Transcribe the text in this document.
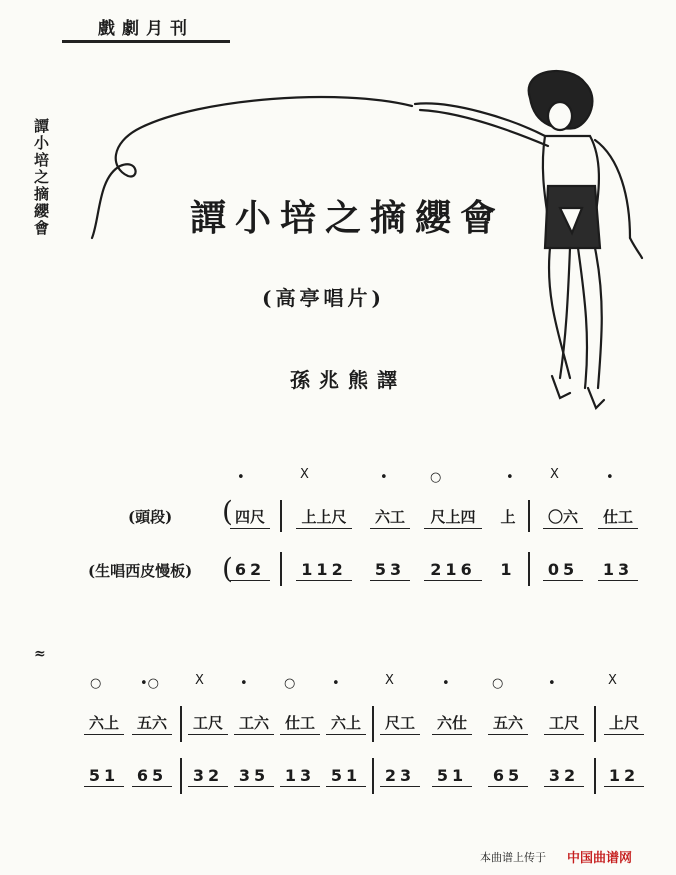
戲劇月刊
譚小培之摘纓會	譚小培之摘纓會
(高亭唱片)
孫兆熊譯
(頭段)
(生唱西皮慢板)
(
(
•	X	•	○	•	X	•
四尺	上上尺	六工	尺上四	上	〇六	仕工
62	112	53	216	1	05	13
≈
○	•○	X	•	○	•	X	•	○	•	X
六上	五六	工尺	工六	仕工	六上	尺工	六仕	五六	工尺	上尺
51	65	32 35 13 51	23	51	65	32	12
本曲谱上传于 中国曲谱网
